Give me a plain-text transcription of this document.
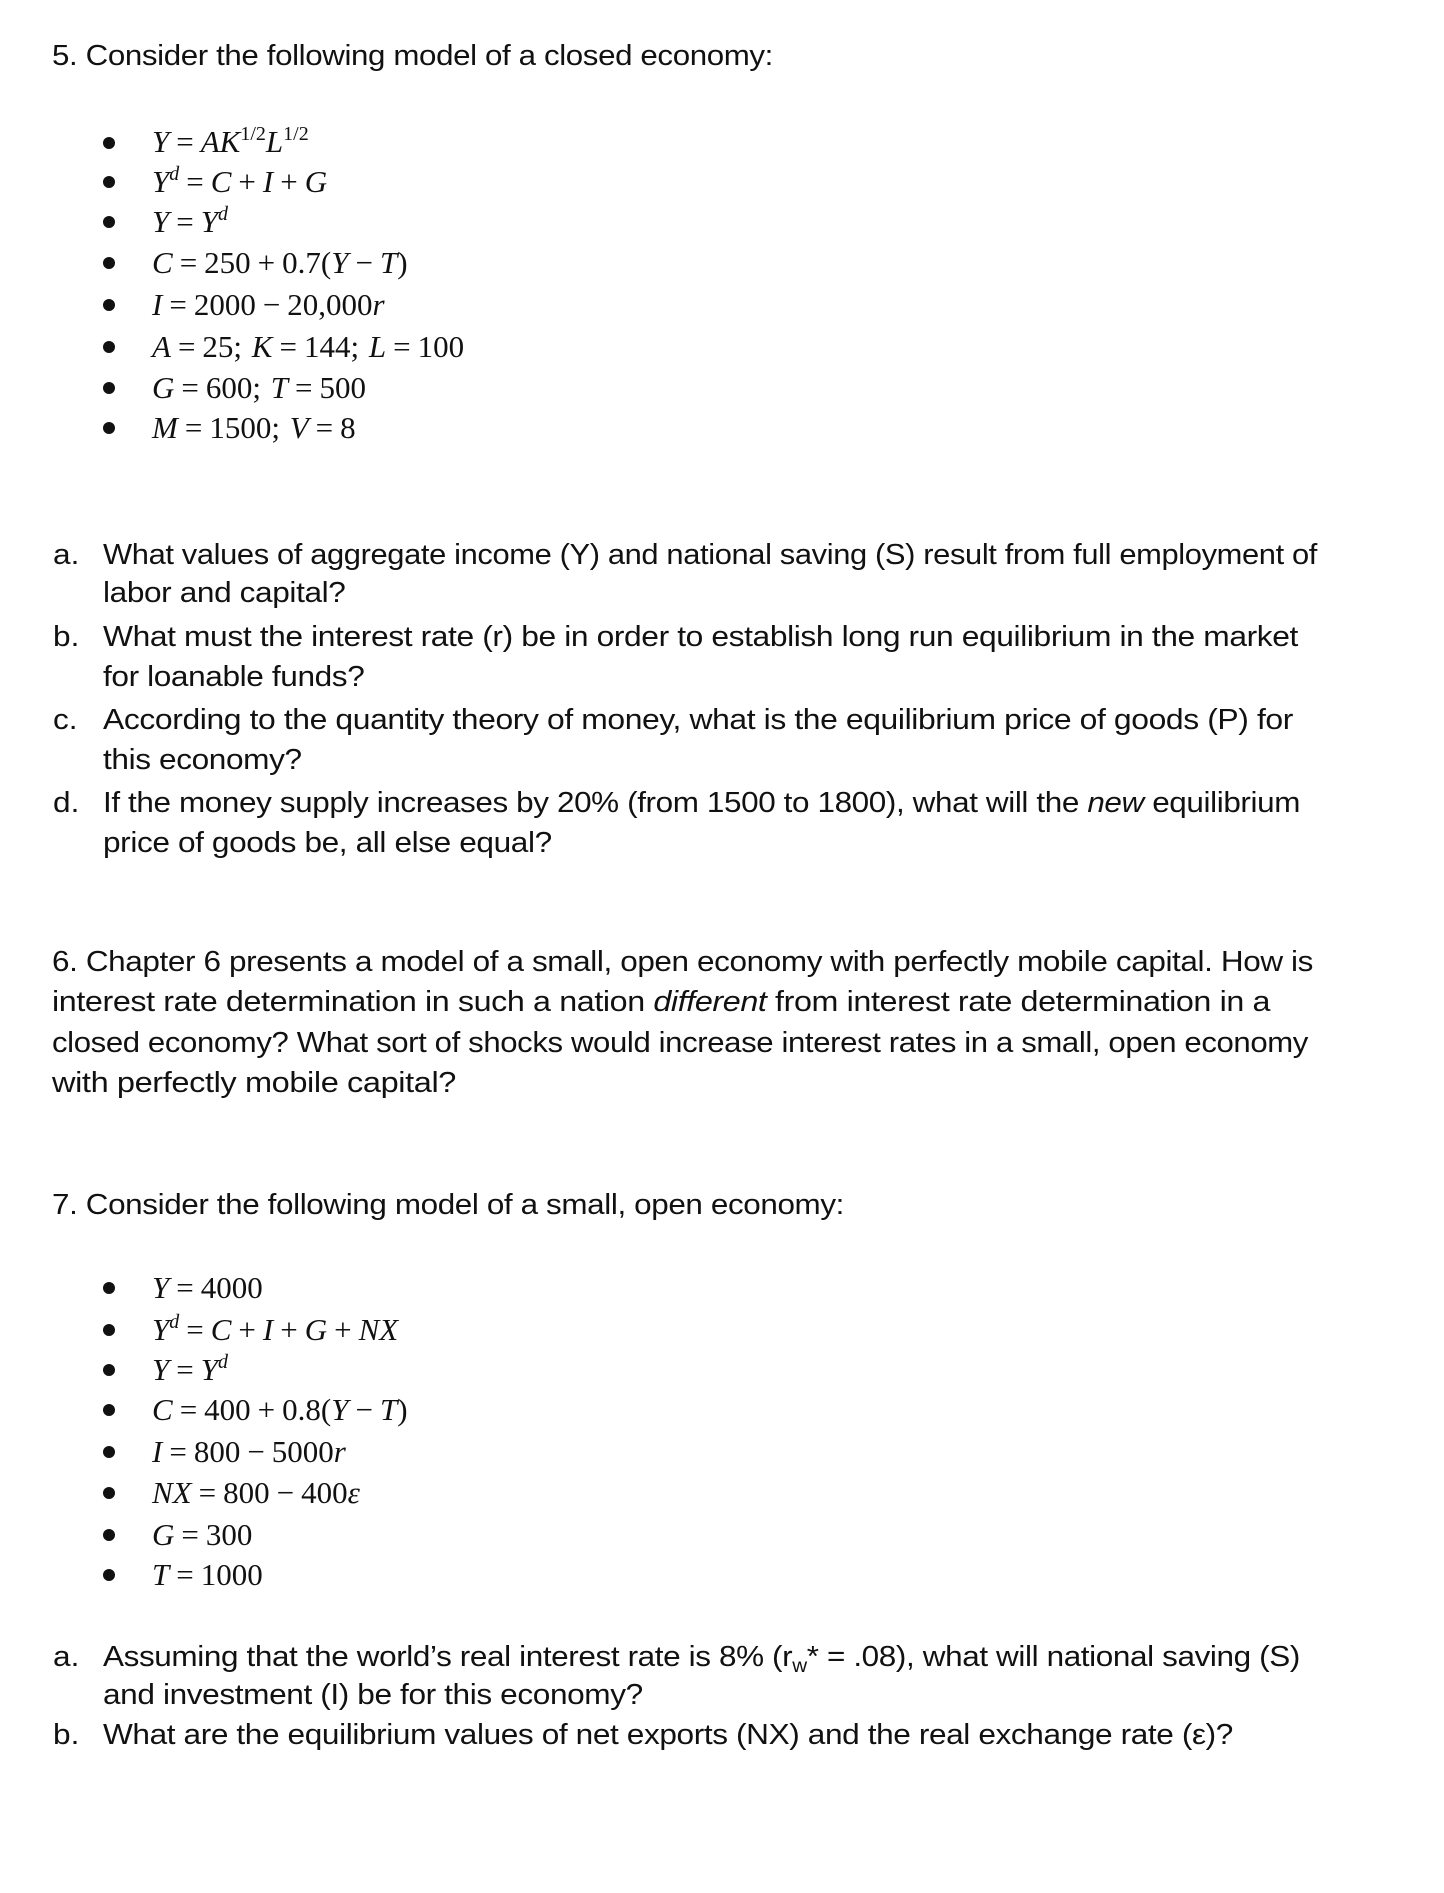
5. Consider the following model of a closed economy:
$Y = AK^{1/2}L^{1/2}$
$Y^d = C + I + G$
$Y = Y^d$
C = 250 + 0.7(Y − T)
I = 2000 − 20,000r
A = 25; K = 144; L = 100
G = 600; T = 500
M = 1500; V = 8
a. What values of aggregate income (Y) and national saving (S) result from full employment of
labor and capital?
b. What must the interest rate (r) be in order to establish long run equilibrium in the market
for loanable funds?
c. According to the quantity theory of money, what is the equilibrium price of goods (P) for
this economy?
d. If the money supply increases by 20% (from 1500 to 1800), what will the new equilibrium
price of goods be, all else equal?
6. Chapter 6 presents a model of a small, open economy with perfectly mobile capital. How is
interest rate determination in such a nation different from interest rate determination in a
closed economy? What sort of shocks would increase interest rates in a small, open economy
with perfectly mobile capital?
7. Consider the following model of a small, open economy:
Y = 4000
$Y^d = C + I + G$ + NX
$Y = Y^d$
C = 400 + 0.8(Y − T)
I = 800 − 5000r
NX = 800 − 400ε
G = 300
T = 1000
a. Assuming that the world’s real interest rate is 8% $(r_w* = .08)$, what will national saving (S)
and investment (I) be for this economy?
b. What are the equilibrium values of net exports (NX) and the real exchange rate (ε)?
